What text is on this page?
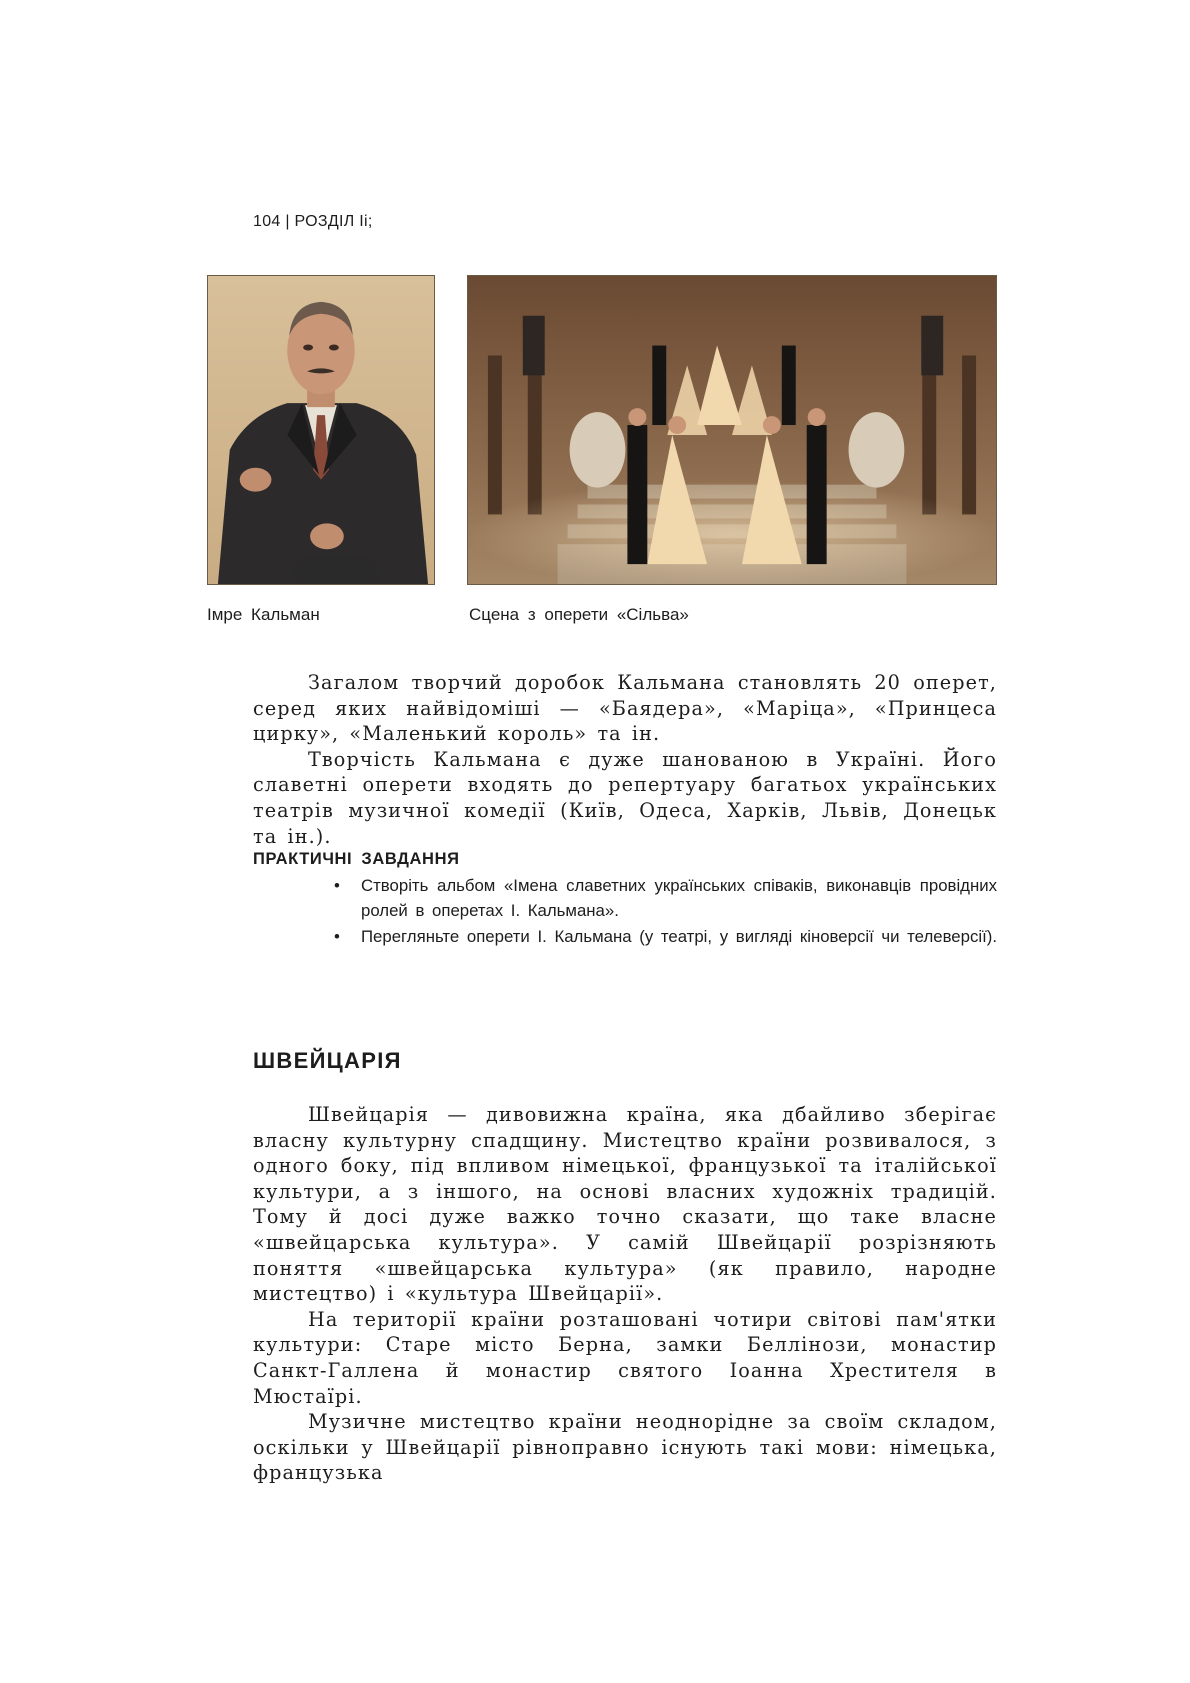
104 | РОЗДІЛ Іі;
Імре Кальман	Сцена з оперети «Сільва»

Загалом творчий доробок Кальмана становлять 20 оперет, серед яких найвідоміші — «Баядера», «Маріца», «Принцеса цирку», «Маленький король» та ін.

Творчість Кальмана є дуже шанованою в Україні. Його славетні оперети входять до репертуару багатьох українських театрів музичної комедії (Київ, Одеса, Харків, Львів, Донецьк та ін.).

ПРАКТИЧНІ ЗАВДАННЯ
• Створіть альбом «Імена славетних українських співаків, виконавців провідних ролей в оперетах І. Кальмана».
• Перегляньте оперети І. Кальмана (у театрі, у вигляді кіноверсії чи телеверсії).
ШВЕЙЦАРІЯ

Швейцарія — дивовижна країна, яка дбайливо зберігає власну культурну спадщину. Мистецтво країни розвивалося, з одного боку, під впливом німецької, французької та італійської культури, а з іншого, на основі власних художніх традицій. Тому й досі дуже важко точно сказати, що таке власне «швейцарська культура». У самій Швейцарії розрізняють поняття «швейцарська культура» (як правило, народне мистецтво) і «культура Швейцарії».

На території країни розташовані чотири світові пам'ятки культури: Старе місто Берна, замки Беллінози, монастир Санкт-Галлена й монастир святого Іоанна Хрестителя в Мюстаїрі.

Музичне мистецтво країни неоднорідне за своїм складом, оскільки у Швейцарії рівноправно існують такі мови: німецька, французька
